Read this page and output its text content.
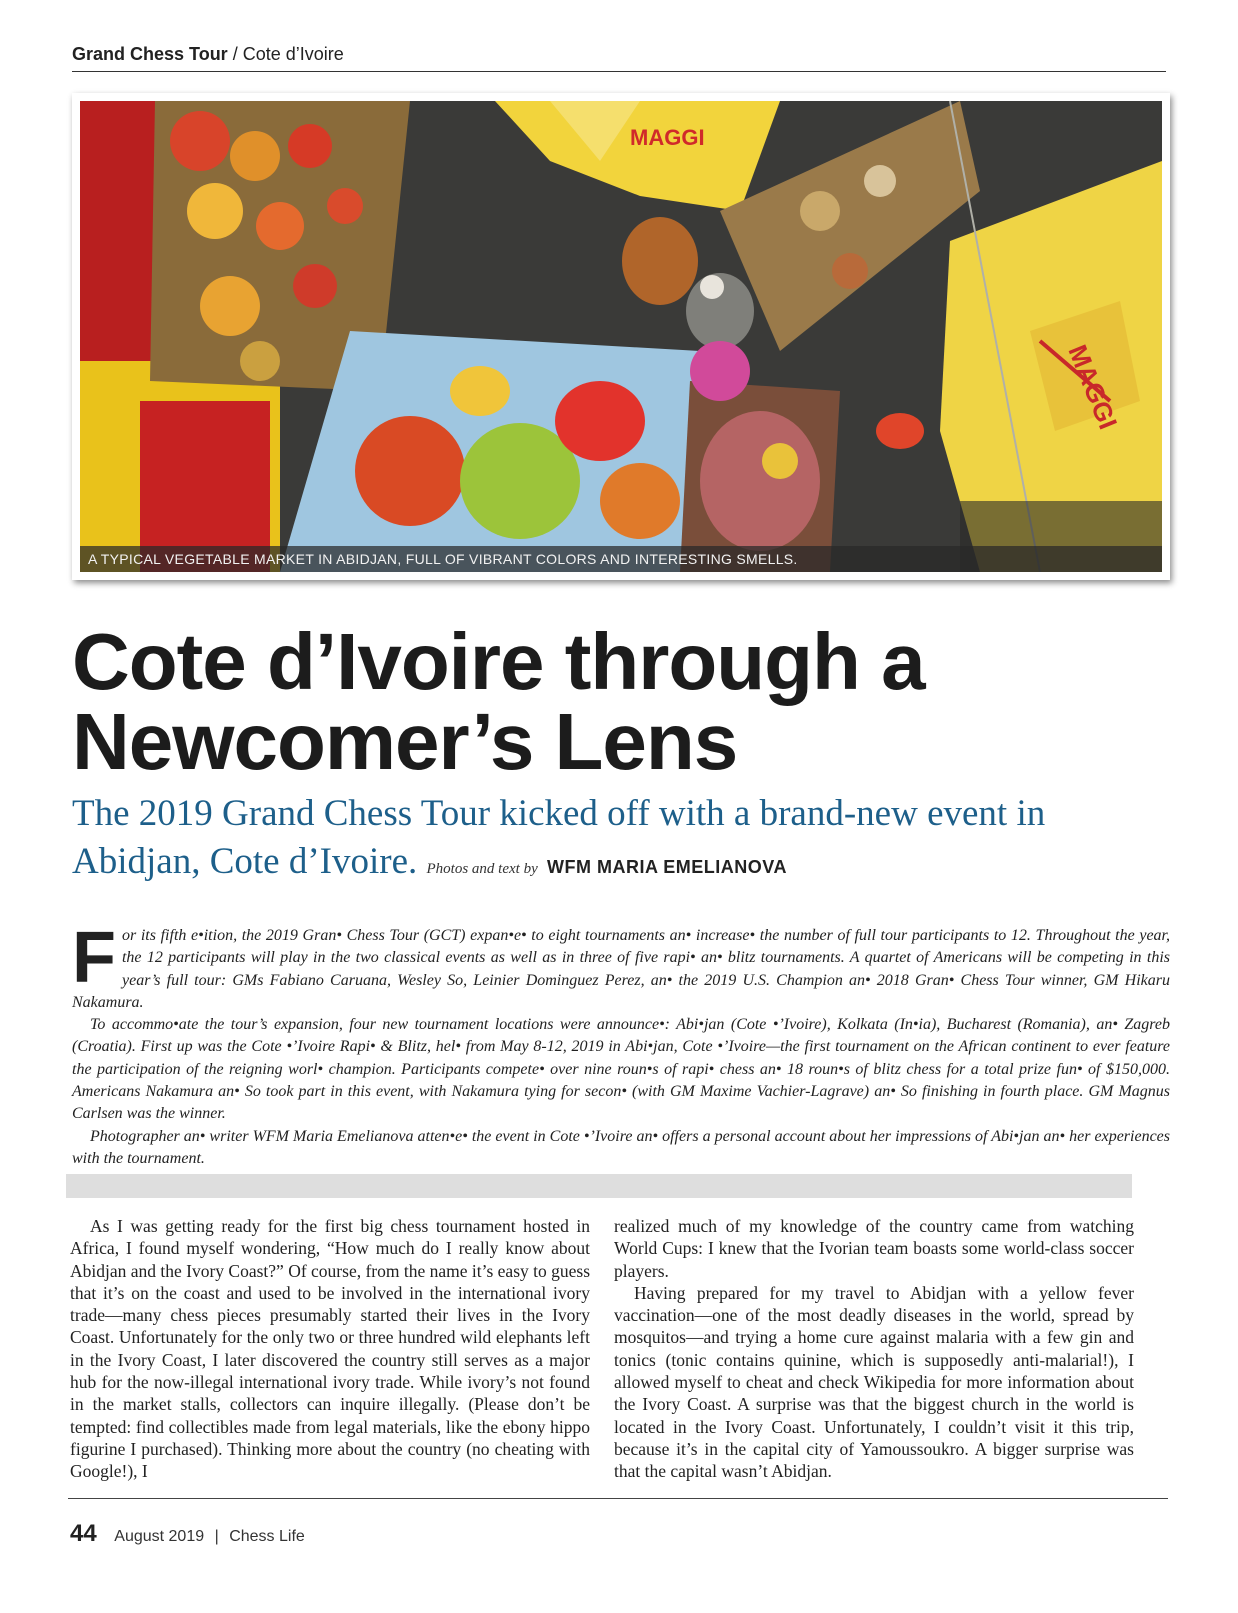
Grand Chess Tour / Cote d’Ivoire
MAGGI
MAGGI
A TYPICAL VEGETABLE MARKET IN ABIDJAN, FULL OF VIBRANT COLORS AND INTERESTING SMELLS.
Cote d’Ivoire through a
Newcomer’s Lens
The 2019 Grand Chess Tour kicked off with a brand-new event in Abidjan, Cote d’Ivoire. Photos and text by WFM MARIA EMELIANOVA
F or its fifth e•ition, the 2019 Gran• Chess Tour (GCT) expan•e• to eight tournaments an• increase• the number of full tour participants to 12. Throughout the year, the 12 participants will play in the two classical events as well as in three of five rapi• an• blitz tournaments. A quartet of Americans will be competing in this year’s full tour: GMs Fabiano Caruana, Wesley So, Leinier Dominguez Perez, an• the 2019 U.S. Champion an• 2018 Gran• Chess Tour winner, GM Hikaru Nakamura.

To accommo•ate the tour’s expansion, four new tournament locations were announce•: Abi•jan (Cote •’Ivoire), Kolkata (In•ia), Bucharest (Romania), an• Zagreb (Croatia). First up was the Cote •’Ivoire Rapi• & Blitz, hel• from May 8-12, 2019 in Abi•jan, Cote •’Ivoire—the first tournament on the African continent to ever feature the participation of the reigning worl• champion. Participants compete• over nine roun•s of rapi• chess an• 18 roun•s of blitz chess for a total prize fun• of $150,000. Americans Nakamura an• So took part in this event, with Nakamura tying for secon• (with GM Maxime Vachier-Lagrave) an• So finishing in fourth place. GM Magnus Carlsen was the winner.

Photographer an• writer WFM Maria Emelianova atten•e• the event in Cote •’Ivoire an• offers a personal account about her impressions of Abi•jan an• her experiences with the tournament.

As I was getting ready for the first big chess tournament hosted in Africa, I found myself wondering, “How much do I really know about Abidjan and the Ivory Coast?” Of course, from the name it’s easy to guess that it’s on the coast and used to be involved in the international ivory trade—many chess pieces presumably started their lives in the Ivory Coast. Unfortunately for the only two or three hundred wild elephants left in the Ivory Coast, I later discovered the country still serves as a major hub for the now-illegal international ivory trade. While ivory’s not found in the market stalls, collectors can inquire illegally. (Please don’t be tempted: find collectibles made from legal materials, like the ebony hippo figurine I purchased). Thinking more about the country (no cheating with Google!), I

realized much of my knowledge of the country came from watching World Cups: I knew that the Ivorian team boasts some world-class soccer players.

Having prepared for my travel to Abidjan with a yellow fever vaccination—one of the most deadly diseases in the world, spread by mosquitos—and trying a home cure against malaria with a few gin and tonics (tonic contains quinine, which is supposedly anti-malarial!), I allowed myself to cheat and check Wikipedia for more information about the Ivory Coast. A surprise was that the biggest church in the world is located in the Ivory Coast. Unfortunately, I couldn’t visit it this trip, because it’s in the capital city of Yamoussoukro. A bigger surprise was that the capital wasn’t Abidjan.

44 August 2019 | Chess Life
